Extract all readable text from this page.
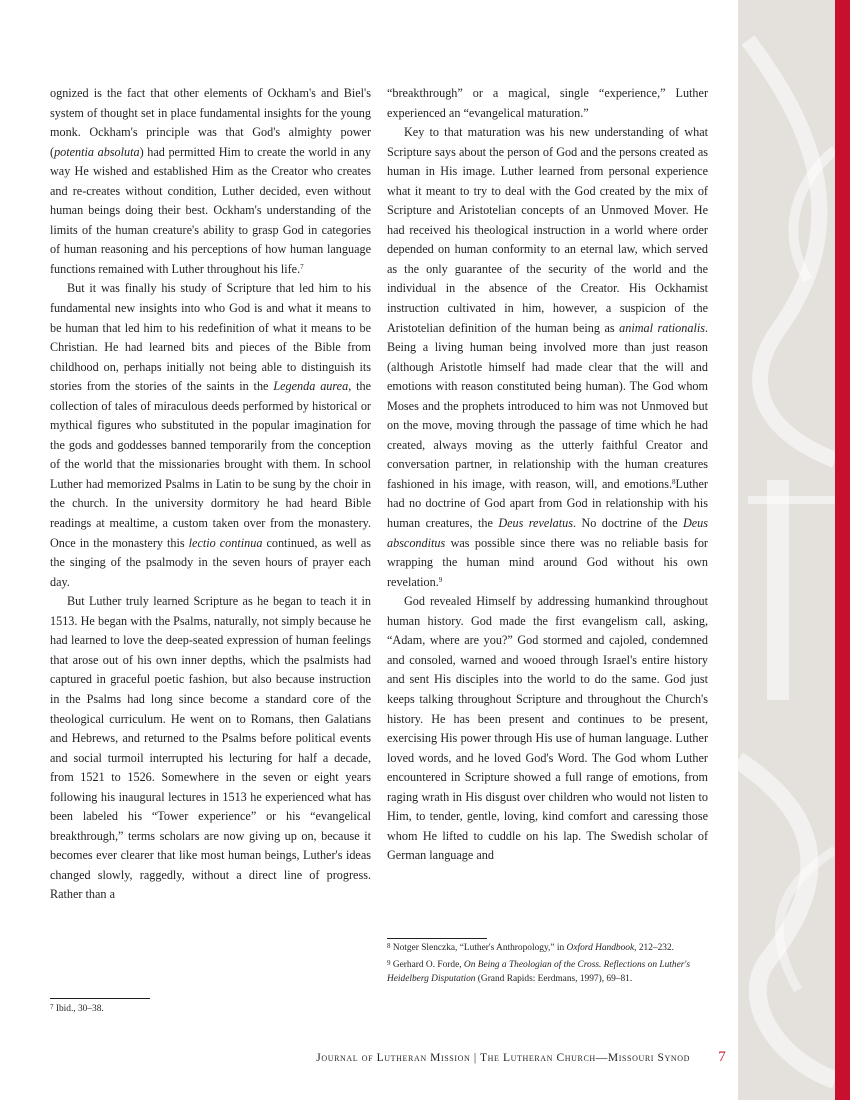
ognized is the fact that other elements of Ockham's and Biel's system of thought set in place fundamental insights for the young monk. Ockham's principle was that God's almighty power (potentia absoluta) had permitted Him to create the world in any way He wished and established Him as the Creator who creates and re-creates without condition, Luther decided, even without human beings doing their best. Ockham's understanding of the limits of the human creature's ability to grasp God in categories of human reasoning and his perceptions of how human language functions remained with Luther throughout his life.$^7$

But it was finally his study of Scripture that led him to his fundamental new insights into who God is and what it means to be human that led him to his redefinition of what it means to be Christian. He had learned bits and pieces of the Bible from childhood on, perhaps initially not being able to distinguish its stories from the stories of the saints in the Legenda aurea, the collection of tales of miraculous deeds performed by historical or mythical figures who substituted in the popular imagination for the gods and goddesses banned temporarily from the conception of the world that the missionaries brought with them. In school Luther had memorized Psalms in Latin to be sung by the choir in the church. In the university dormitory he had heard Bible readings at mealtime, a custom taken over from the monastery. Once in the monastery this lectio continua continued, as well as the singing of the psalmody in the seven hours of prayer each day.

But Luther truly learned Scripture as he began to teach it in 1513. He began with the Psalms, naturally, not simply because he had learned to love the deep-seated expression of human feelings that arose out of his own inner depths, which the psalmists had captured in graceful poetic fashion, but also because instruction in the Psalms had long since become a standard core of the theological curriculum. He went on to Romans, then Galatians and Hebrews, and returned to the Psalms before political events and social turmoil interrupted his lecturing for half a decade, from 1521 to 1526. Somewhere in the seven or eight years following his inaugural lectures in 1513 he experienced what has been labeled his “Tower experience” or his “evangelical breakthrough,” terms scholars are now giving up on, because it becomes ever clearer that like most human beings, Luther's ideas changed slowly, raggedly, without a direct line of progress. Rather than a

$^7$ Ibid., 30–38.

“breakthrough” or a magical, single “experience,” Luther experienced an “evangelical maturation.”

Key to that maturation was his new understanding of what Scripture says about the person of God and the persons created as human in His image. Luther learned from personal experience what it meant to try to deal with the God created by the mix of Scripture and Aristotelian concepts of an Unmoved Mover. He had received his theological instruction in a world where order depended on human conformity to an eternal law, which served as the only guarantee of the security of the world and the individual in the absence of the Creator. His Ockhamist instruction cultivated in him, however, a suspicion of the Aristotelian definition of the human being as animal rationalis. Being a living human being involved more than just reason (although Aristotle himself had made clear that the will and emotions with reason constituted being human). The God whom Moses and the prophets introduced to him was not Unmoved but on the move, moving through the passage of time which he had created, always moving as the utterly faithful Creator and conversation partner, in relationship with the human creatures fashioned in his image, with reason, will, and emotions.$^8$Luther had no doctrine of God apart from God in relationship with his human creatures, the Deus revelatus. No doctrine of the Deus absconditus was possible since there was no reliable basis for wrapping the human mind around God without his own revelation.$^9$

God revealed Himself by addressing humankind throughout human history. God made the first evangelism call, asking, “Adam, where are you?” God stormed and cajoled, condemned and consoled, warned and wooed through Israel's entire history and sent His disciples into the world to do the same. God just keeps talking throughout Scripture and throughout the Church's history. He has been present and continues to be present, exercising His power through His use of human language. Luther loved words, and he loved God's Word. The God whom Luther encountered in Scripture showed a full range of emotions, from raging wrath in His disgust over children who would not listen to Him, to tender, gentle, loving, kind comfort and caressing those whom He lifted to cuddle on his lap. The Swedish scholar of German language and

$^8$ Notger Slenczka, “Luther's Anthropology,” in Oxford Handbook, 212–232.

$^9$ Gerhard O. Forde, On Being a Theologian of the Cross. Reflections on Luther's Heidelberg Disputation (Grand Rapids: Eerdmans, 1997), 69–81.

Journal of Lutheran Mission | The Lutheran Church—Missouri Synod	7
